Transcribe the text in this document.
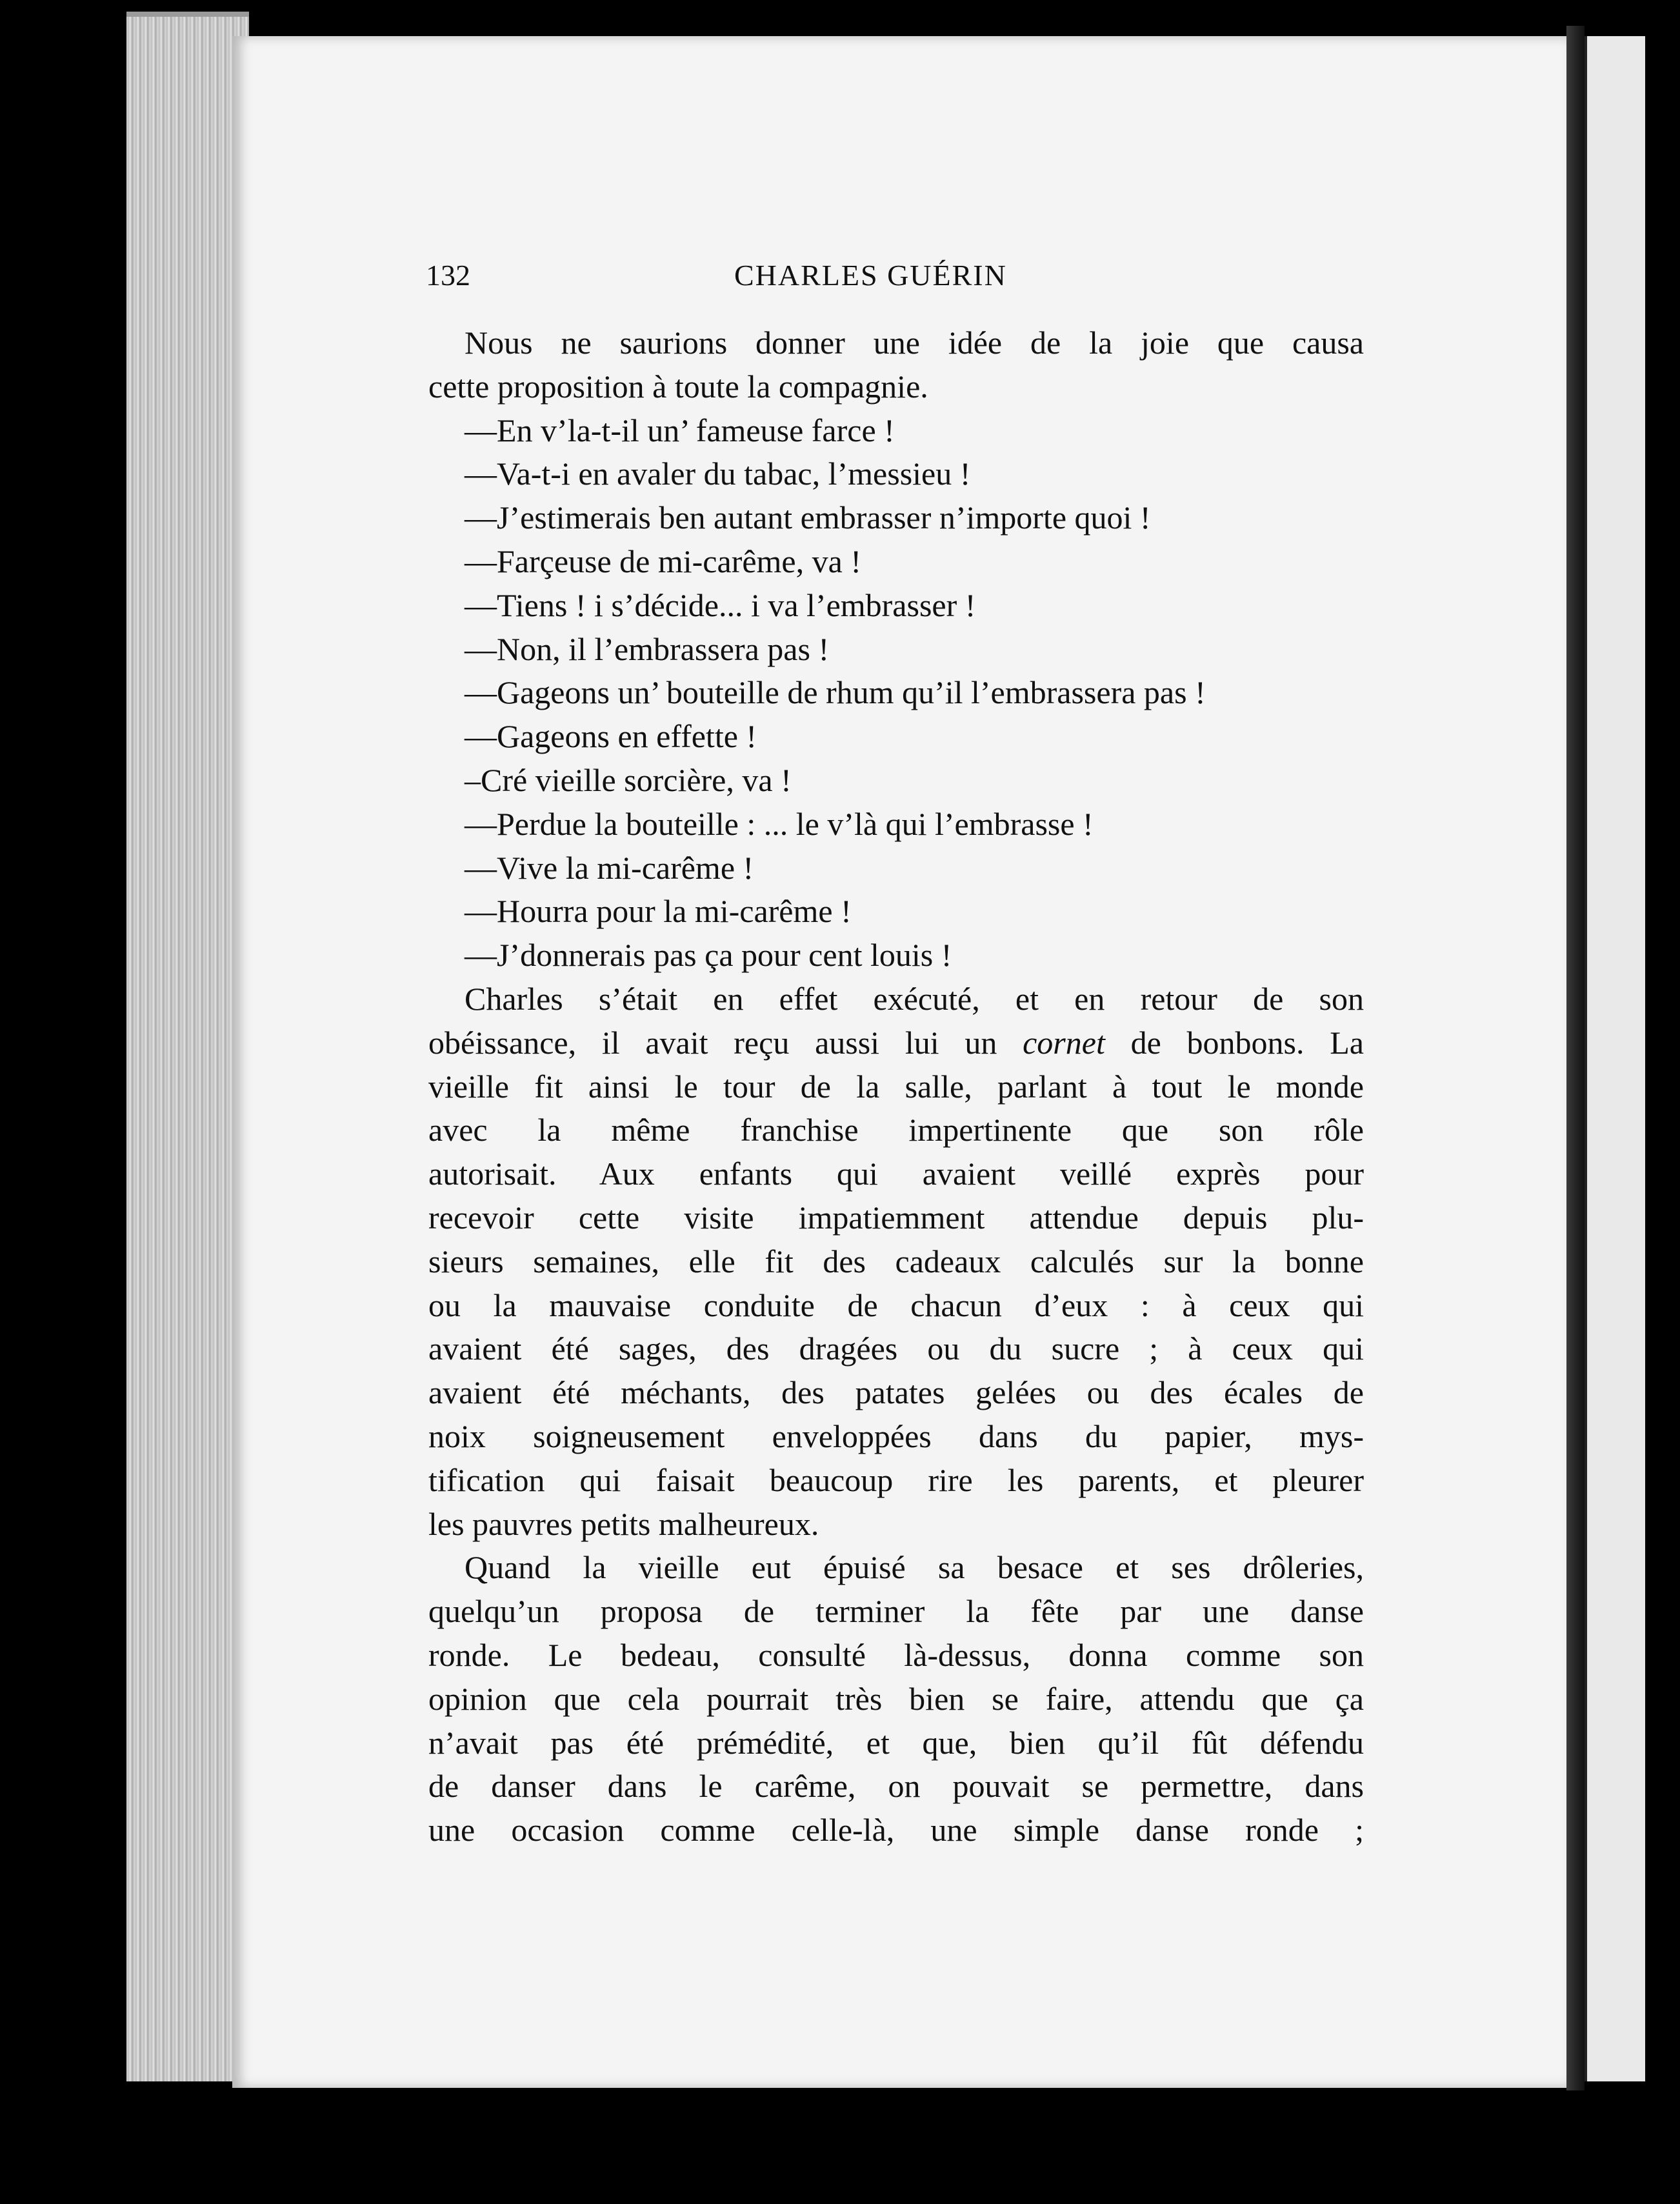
132	CHARLES GUÉRIN
Nous ne saurions donner une idée de la joie que causa
cette proposition à toute la compagnie.
—En v’la-t-il un’ fameuse farce !
—Va-t-i en avaler du tabac, l’messieu !
—J’estimerais ben autant embrasser n’importe quoi !
—Farçeuse de mi-carême, va !
—Tiens ! i s’décide... i va l’embrasser !
—Non, il l’embrassera pas !
—Gageons un’ bouteille de rhum qu’il l’embrassera pas !
—Gageons en effette !
–Cré vieille sorcière, va !
—Perdue la bouteille : ... le v’là qui l’embrasse !
—Vive la mi-carême !
—Hourra pour la mi-carême !
—J’donnerais pas ça pour cent louis !
Charles s’était en effet exécuté, et en retour de son
obéissance, il avait reçu aussi lui un cornet de bonbons. La
vieille fit ainsi le tour de la salle, parlant à tout le monde
avec la même franchise impertinente que son rôle
autorisait. Aux enfants qui avaient veillé exprès pour
recevoir cette visite impatiemment attendue depuis plu-
sieurs semaines, elle fit des cadeaux calculés sur la bonne
ou la mauvaise conduite de chacun d’eux : à ceux qui
avaient été sages, des dragées ou du sucre ; à ceux qui
avaient été méchants, des patates gelées ou des écales de
noix soigneusement enveloppées dans du papier, mys-
tification qui faisait beaucoup rire les parents, et pleurer
les pauvres petits malheureux.
Quand la vieille eut épuisé sa besace et ses drôleries,
quelqu’un proposa de terminer la fête par une danse
ronde. Le bedeau, consulté là-dessus, donna comme son
opinion que cela pourrait très bien se faire, attendu que ça
n’avait pas été prémédité, et que, bien qu’il fût défendu
de danser dans le carême, on pouvait se permettre, dans
une occasion comme celle-là, une simple danse ronde ;
